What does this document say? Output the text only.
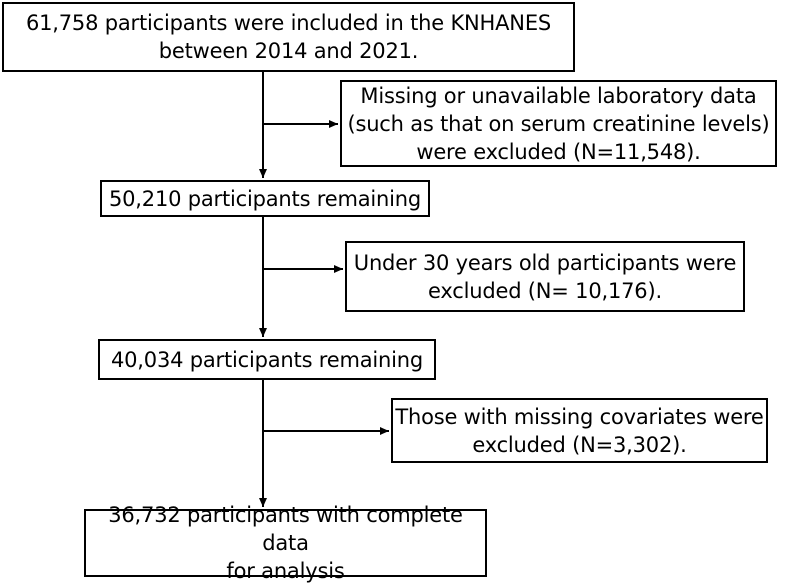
61,758 participants were included in the KNHANES
between 2014 and 2021.
Missing or unavailable laboratory data
(such as that on serum creatinine levels)
were excluded (N=11,548).
50,210 participants remaining
Under 30 years old participants were
excluded (N= 10,176).
40,034 participants remaining
Those with missing covariates were
excluded (N=3,302).
36,732 participants with complete data
for analysis
